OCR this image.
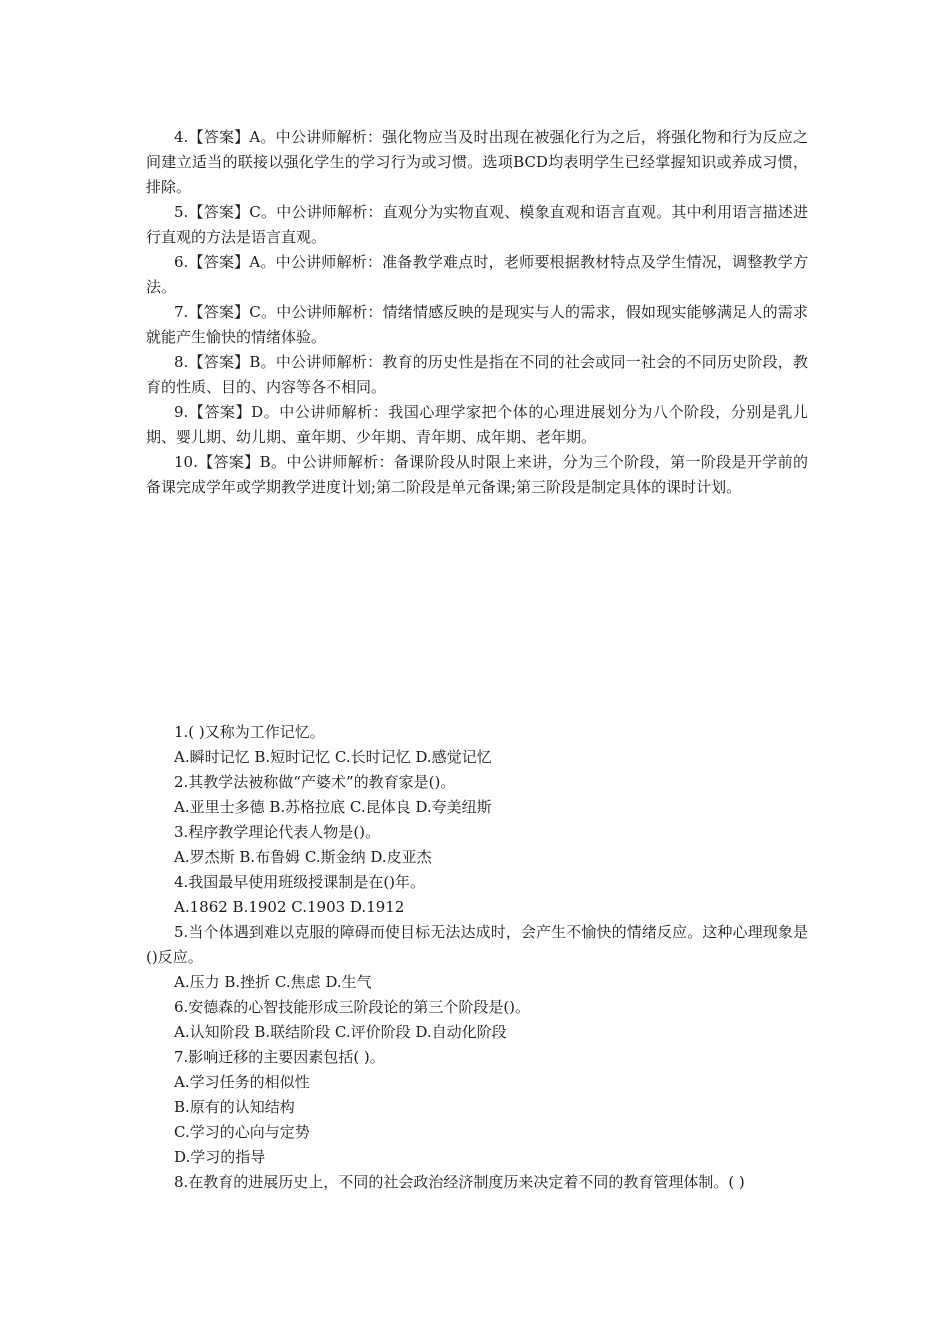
4.【答案】A。中公讲师解析：强化物应当及时出现在被强化行为之后，将强化物和行为反应之间建立适当的联接以强化学生的学习行为或习惯。选项BCD均表明学生已经掌握知识或养成习惯，排除。

5.【答案】C。中公讲师解析：直观分为实物直观、模象直观和语言直观。其中利用语言描述进行直观的方法是语言直观。

6.【答案】A。中公讲师解析：准备教学难点时，老师要根据教材特点及学生情况，调整教学方法。

7.【答案】C。中公讲师解析：情绪情感反映的是现实与人的需求，假如现实能够满足人的需求就能产生愉快的情绪体验。

8.【答案】B。中公讲师解析：教育的历史性是指在不同的社会或同一社会的不同历史阶段，教育的性质、目的、内容等各不相同。

9.【答案】D。中公讲师解析：我国心理学家把个体的心理进展划分为八个阶段，分别是乳儿期、婴儿期、幼儿期、童年期、少年期、青年期、成年期、老年期。

10.【答案】B。中公讲师解析：备课阶段从时限上来讲，分为三个阶段，第一阶段是开学前的备课完成学年或学期教学进度计划;第二阶段是单元备课;第三阶段是制定具体的课时计划。

1.( )又称为工作记忆。

A.瞬时记忆 B.短时记忆 C.长时记忆 D.感觉记忆

2.其教学法被称做“产婆术”的教育家是()。

A.亚里士多德 B.苏格拉底 C.昆体良 D.夸美纽斯

3.程序教学理论代表人物是()。

A.罗杰斯 B.布鲁姆 C.斯金纳 D.皮亚杰

4.我国最早使用班级授课制是在()年。

A.1862 B.1902 C.1903 D.1912

5.当个体遇到难以克服的障碍而使目标无法达成时，会产生不愉快的情绪反应。这种心理现象是()反应。

A.压力 B.挫折 C.焦虑 D.生气

6.安德森的心智技能形成三阶段论的第三个阶段是()。

A.认知阶段 B.联结阶段 C.评价阶段 D.自动化阶段

7.影响迁移的主要因素包括( )。

A.学习任务的相似性

B.原有的认知结构

C.学习的心向与定势

D.学习的指导

8.在教育的进展历史上，不同的社会政治经济制度历来决定着不同的教育管理体制。( )
